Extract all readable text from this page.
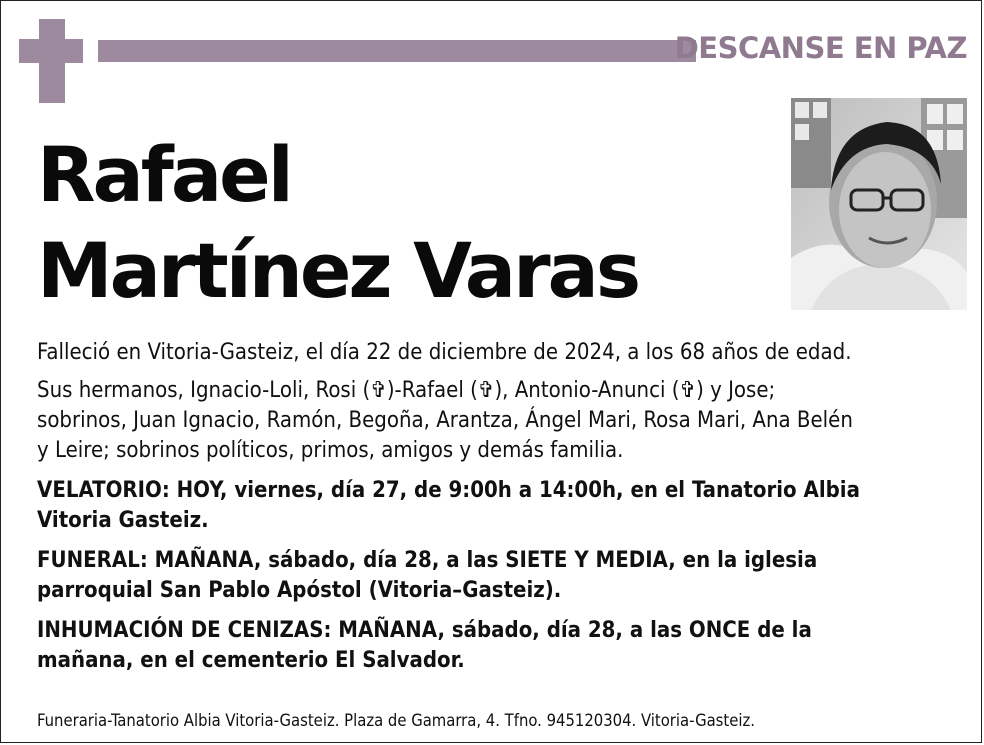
DESCANSE EN PAZ
Rafael
Martínez Varas

Falleció en Vitoria-Gasteiz, el día 22 de diciembre de 2024, a los 68 años de edad.

Sus hermanos, Ignacio-Loli, Rosi (✞)-Rafael (✞), Antonio-Anunci (✞) y Jose;
sobrinos, Juan Ignacio, Ramón, Begoña, Arantza, Ángel Mari, Rosa Mari, Ana Belén
y Leire; sobrinos políticos, primos, amigos y demás familia.

VELATORIO: HOY, viernes, día 27, de 9:00h a 14:00h, en el Tanatorio Albia
Vitoria Gasteiz.

FUNERAL: MAÑANA, sábado, día 28, a las SIETE Y MEDIA, en la iglesia
parroquial San Pablo Apóstol (Vitoria–Gasteiz).

INHUMACIÓN DE CENIZAS: MAÑANA, sábado, día 28, a las ONCE de la
mañana, en el cementerio El Salvador.

Funeraria-Tanatorio Albia Vitoria-Gasteiz. Plaza de Gamarra, 4. Tfno. 945120304. Vitoria-Gasteiz.
